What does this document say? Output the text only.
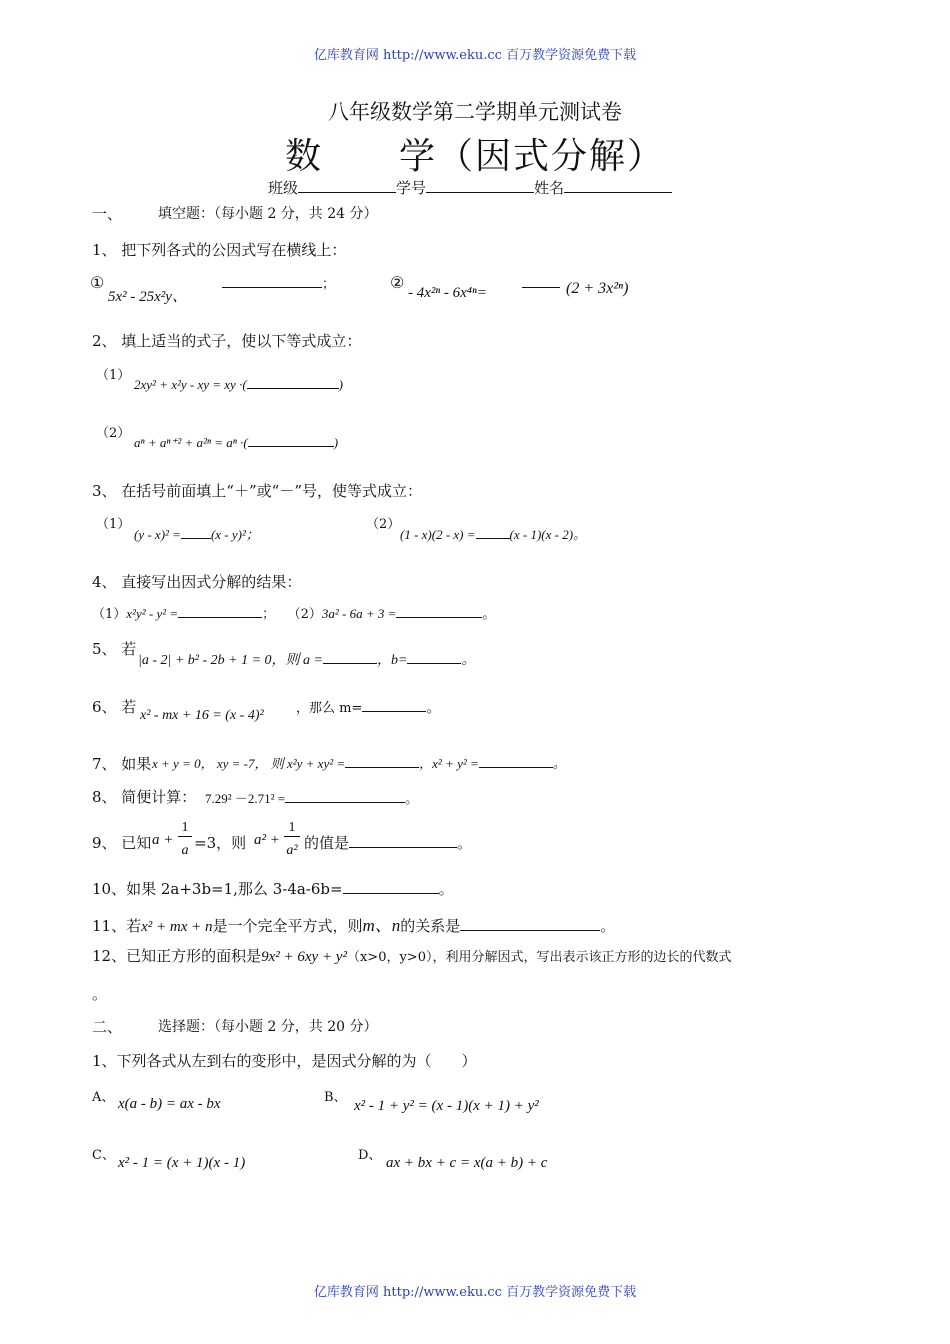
亿库教育网 http://www.eku.cc 百万教学资源免费下载
亿库教育网 http://www.eku.cc 百万教学资源免费下载
八年级数学第二学期单元测试卷
数　　学（因式分解）
班级	学号	姓名
一、	填空题：（每小题 2 分，共 24 分）
1、 把下列各式的公因式写在横线上：
①
5x² - 25x²y、
；	②
- 4x²ⁿ - 6x⁴ⁿ=	(2 + 3x²ⁿ)
2、 填上适当的式子，使以下等式成立：
（1）
2xy² + x²y - xy = xy ·(	)
（2）
aⁿ + aⁿ⁺² + a²ⁿ = aⁿ ·(	)
3、 在括号前面填上“＋”或“－”号，使等式成立：
（1）
(y - x)² = (x - y)²；
（2）
(1 - x)(2 - x) =	(x - 1)(x - 2)。
4、 直接写出因式分解的结果：
（1）x²y² - y² =	； （2）3a² - 6a + 3 =	。
5、 若
|a - 2| + b² - 2b + 1 = 0，则 a =	，b=	。
6、 若 x² - mx + 16 = (x - 4)² ，那么 m=	。
7、 如果 x + y = 0， xy = -7， 则 x²y + xy² =	，x² + y² =	。
8、 简便计算： 7.29² －2.71² =	。
9、 已知 a +
1
a =3，则 a² +
1
a² 的值是	。
10、如果 2a+3b=1,那么 3-4a-6b=	。
11、若x² + mx + n是一个完全平方式，则m、n的关系是	。
12、已知正方形的面积是9x² + 6xy + y²（x>0，y>0），利用分解因式，写出表示该正方形的边长的代数式
。
二、	选择题：（每小题 2 分，共 20 分）
1、下列各式从左到右的变形中，是因式分解的为（　　）
A、 x(a - b) = ax - bx	B、
x² - 1 + y² = (x - 1)(x + 1) + y²
C、 x² - 1 = (x + 1)(x - 1)	D、 ax + bx + c = x(a + b) + c
